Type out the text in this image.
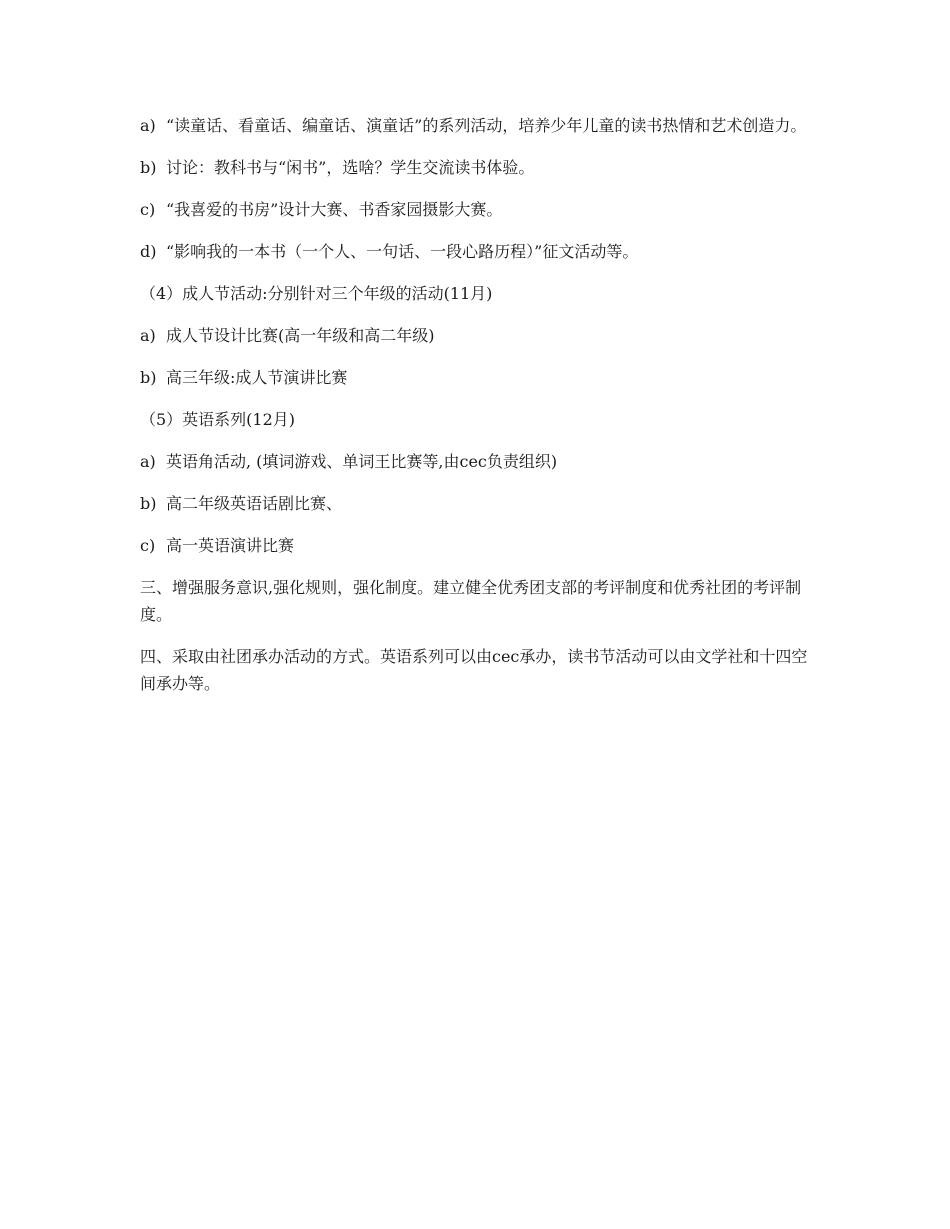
a) “读童话、看童话、编童话、演童话”的系列活动，培养少年儿童的读书热情和艺术创造力。
b) 讨论：教科书与“闲书”，选啥？学生交流读书体验。
c) “我喜爱的书房”设计大赛、书香家园摄影大赛。
d) “影响我的一本书（一个人、一句话、一段心路历程）”征文活动等。
（4）成人节活动:分别针对三个年级的活动(11月)
a) 成人节设计比赛(高一年级和高二年级)
b) 高三年级:成人节演讲比赛
（5）英语系列(12月)
a) 英语角活动, (填词游戏、单词王比赛等,由cec负责组织)
b) 高二年级英语话剧比赛、
c) 高一英语演讲比赛

三、增强服务意识,强化规则，强化制度。建立健全优秀团支部的考评制度和优秀社团的考评制度。

四、采取由社团承办活动的方式。英语系列可以由cec承办，读书节活动可以由文学社和十四空间承办等。
